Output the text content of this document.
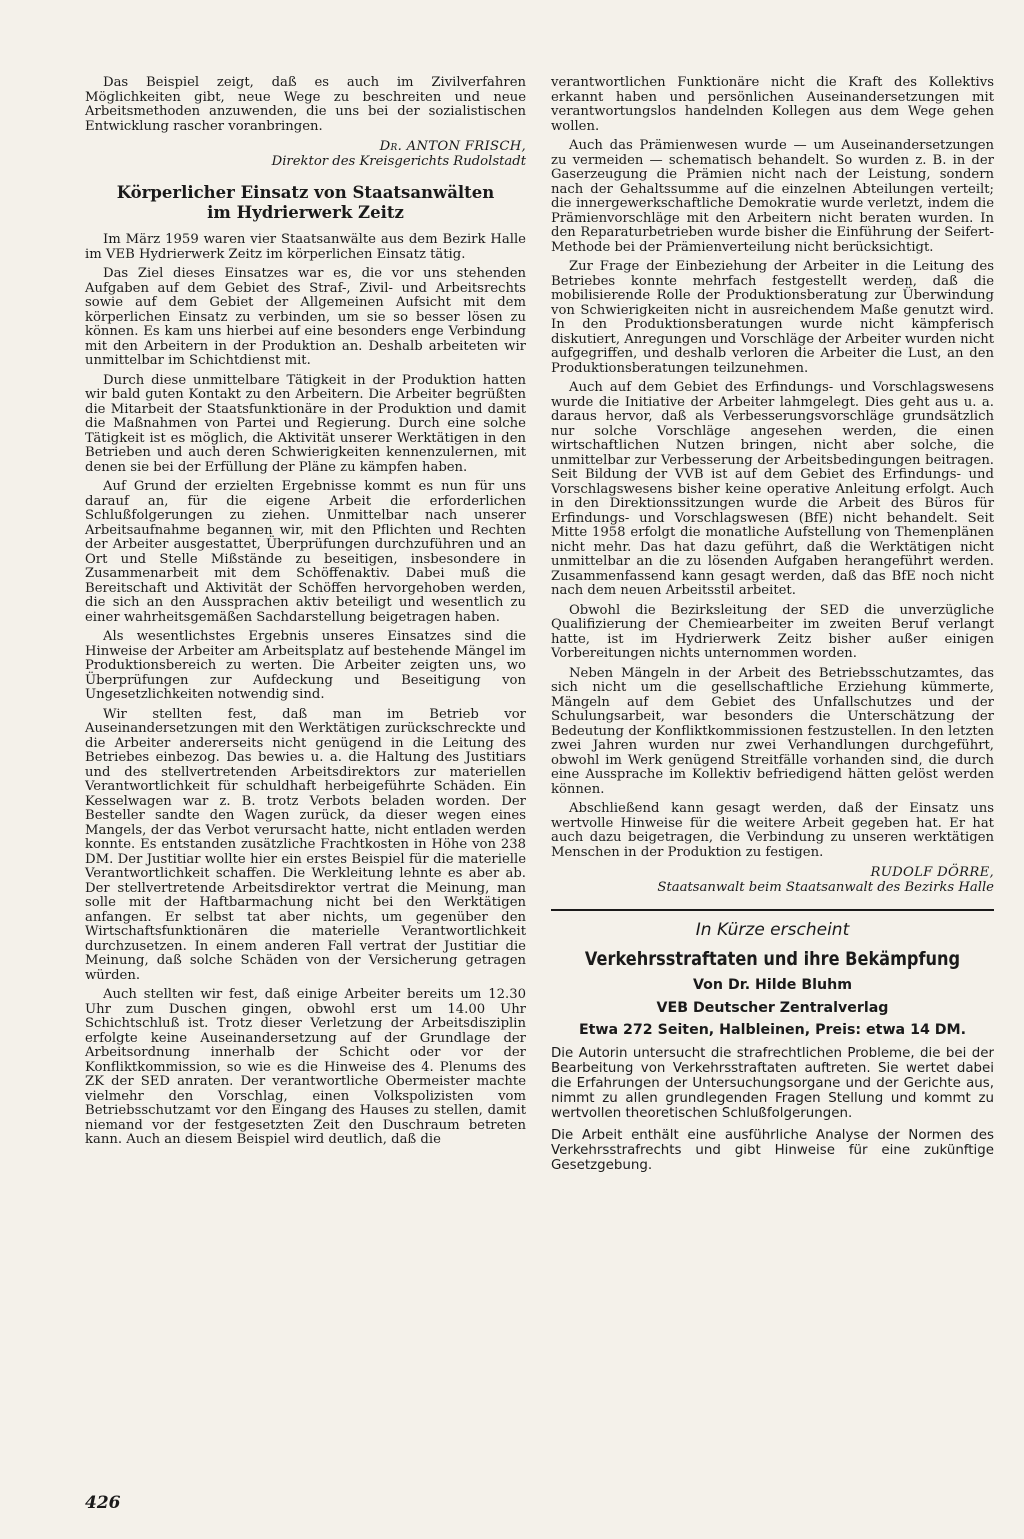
Das Beispiel zeigt, daß es auch im Zivilverfahren Möglichkeiten gibt, neue Wege zu beschreiten und neue Arbeitsmethoden anzuwenden, die uns bei der sozialistischen Entwicklung rascher voranbringen.

Dr. ANTON FRISCH,
Direktor des Kreisgerichts Rudolstadt
Körperlicher Einsatz von Staatsanwälten
im Hydrierwerk Zeitz

Im März 1959 waren vier Staatsanwälte aus dem Bezirk Halle im VEB Hydrierwerk Zeitz im körperlichen Einsatz tätig.

Das Ziel dieses Einsatzes war es, die vor uns stehenden Aufgaben auf dem Gebiet des Straf-, Zivil- und Arbeitsrechts sowie auf dem Gebiet der Allgemeinen Aufsicht mit dem körperlichen Einsatz zu verbinden, um sie so besser lösen zu können. Es kam uns hierbei auf eine besonders enge Verbindung mit den Arbeitern in der Produktion an. Deshalb arbeiteten wir unmittelbar im Schichtdienst mit.

Durch diese unmittelbare Tätigkeit in der Produktion hatten wir bald guten Kontakt zu den Arbeitern. Die Arbeiter begrüßten die Mitarbeit der Staatsfunktionäre in der Produktion und damit die Maßnahmen von Partei und Regierung. Durch eine solche Tätigkeit ist es möglich, die Aktivität unserer Werktätigen in den Betrieben und auch deren Schwierigkeiten kennenzulernen, mit denen sie bei der Erfüllung der Pläne zu kämpfen haben.

Auf Grund der erzielten Ergebnisse kommt es nun für uns darauf an, für die eigene Arbeit die erforderlichen Schlußfolgerungen zu ziehen. Unmittelbar nach unserer Arbeitsaufnahme begannen wir, mit den Pflichten und Rechten der Arbeiter ausgestattet, Überprüfungen durchzuführen und an Ort und Stelle Mißstände zu beseitigen, insbesondere in Zusammenarbeit mit dem Schöffenaktiv. Dabei muß die Bereitschaft und Aktivität der Schöffen hervorgehoben werden, die sich an den Aussprachen aktiv beteiligt und wesentlich zu einer wahrheitsgemäßen Sachdarstellung beigetragen haben.

Als wesentlichstes Ergebnis unseres Einsatzes sind die Hinweise der Arbeiter am Arbeitsplatz auf bestehende Mängel im Produktionsbereich zu werten. Die Arbeiter zeigten uns, wo Überprüfungen zur Aufdeckung und Beseitigung von Ungesetzlichkeiten notwendig sind.

Wir stellten fest, daß man im Betrieb vor Auseinandersetzungen mit den Werktätigen zurückschreckte und die Arbeiter andererseits nicht genügend in die Leitung des Betriebes einbezog. Das bewies u. a. die Haltung des Justitiars und des stellvertretenden Arbeitsdirektors zur materiellen Verantwortlichkeit für schuldhaft herbeigeführte Schäden. Ein Kesselwagen war z. B. trotz Verbots beladen worden. Der Besteller sandte den Wagen zurück, da dieser wegen eines Mangels, der das Verbot verursacht hatte, nicht entladen werden konnte. Es entstanden zusätzliche Frachtkosten in Höhe von 238 DM. Der Justitiar wollte hier ein erstes Beispiel für die materielle Verantwortlichkeit schaffen. Die Werkleitung lehnte es aber ab. Der stellvertretende Arbeitsdirektor vertrat die Meinung, man solle mit der Haftbarmachung nicht bei den Werktätigen anfangen. Er selbst tat aber nichts, um gegenüber den Wirtschaftsfunktionären die materielle Verantwortlichkeit durchzusetzen. In einem anderen Fall vertrat der Justitiar die Meinung, daß solche Schäden von der Versicherung getragen würden.

Auch stellten wir fest, daß einige Arbeiter bereits um 12.30 Uhr zum Duschen gingen, obwohl erst um 14.00 Uhr Schichtschluß ist. Trotz dieser Verletzung der Arbeitsdisziplin erfolgte keine Auseinandersetzung auf der Grundlage der Arbeitsordnung innerhalb der Schicht oder vor der Konfliktkommission, so wie es die Hinweise des 4. Plenums des ZK der SED anraten. Der verantwortliche Obermeister machte vielmehr den Vorschlag, einen Volkspolizisten vom Betriebsschutzamt vor den Eingang des Hauses zu stellen, damit niemand vor der festgesetzten Zeit den Duschraum betreten kann. Auch an diesem Beispiel wird deutlich, daß die

verantwortlichen Funktionäre nicht die Kraft des Kollektivs erkannt haben und persönlichen Auseinandersetzungen mit verantwortungslos handelnden Kollegen aus dem Wege gehen wollen.

Auch das Prämienwesen wurde — um Auseinandersetzungen zu vermeiden — schematisch behandelt. So wurden z. B. in der Gaserzeugung die Prämien nicht nach der Leistung, sondern nach der Gehaltssumme auf die einzelnen Abteilungen verteilt; die innergewerkschaftliche Demokratie wurde verletzt, indem die Prämienvorschläge mit den Arbeitern nicht beraten wurden. In den Reparaturbetrieben wurde bisher die Einführung der Seifert-Methode bei der Prämienverteilung nicht berücksichtigt.

Zur Frage der Einbeziehung der Arbeiter in die Leitung des Betriebes konnte mehrfach festgestellt werden, daß die mobilisierende Rolle der Produktionsberatung zur Überwindung von Schwierigkeiten nicht in ausreichendem Maße genutzt wird. In den Produktionsberatungen wurde nicht kämpferisch diskutiert, Anregungen und Vorschläge der Arbeiter wurden nicht aufgegriffen, und deshalb verloren die Arbeiter die Lust, an den Produktionsberatungen teilzunehmen.

Auch auf dem Gebiet des Erfindungs- und Vorschlagswesens wurde die Initiative der Arbeiter lahmgelegt. Dies geht aus u. a. daraus hervor, daß als Verbesserungsvorschläge grundsätzlich nur solche Vorschläge angesehen werden, die einen wirtschaftlichen Nutzen bringen, nicht aber solche, die unmittelbar zur Verbesserung der Arbeitsbedingungen beitragen. Seit Bildung der VVB ist auf dem Gebiet des Erfindungs- und Vorschlagswesens bisher keine operative Anleitung erfolgt. Auch in den Direktionssitzungen wurde die Arbeit des Büros für Erfindungs- und Vorschlagswesen (BfE) nicht behandelt. Seit Mitte 1958 erfolgt die monatliche Aufstellung von Themenplänen nicht mehr. Das hat dazu geführt, daß die Werktätigen nicht unmittelbar an die zu lösenden Aufgaben herangeführt werden. Zusammenfassend kann gesagt werden, daß das BfE noch nicht nach dem neuen Arbeitsstil arbeitet.

Obwohl die Bezirksleitung der SED die unverzügliche Qualifizierung der Chemiearbeiter im zweiten Beruf verlangt hatte, ist im Hydrierwerk Zeitz bisher außer einigen Vorbereitungen nichts unternommen worden.

Neben Mängeln in der Arbeit des Betriebsschutzamtes, das sich nicht um die gesellschaftliche Erziehung kümmerte, Mängeln auf dem Gebiet des Unfallschutzes und der Schulungsarbeit, war besonders die Unterschätzung der Bedeutung der Konfliktkommissionen festzustellen. In den letzten zwei Jahren wurden nur zwei Verhandlungen durchgeführt, obwohl im Werk genügend Streitfälle vorhanden sind, die durch eine Aussprache im Kollektiv befriedigend hätten gelöst werden können.

Abschließend kann gesagt werden, daß der Einsatz uns wertvolle Hinweise für die weitere Arbeit gegeben hat. Er hat auch dazu beigetragen, die Verbindung zu unseren werktätigen Menschen in der Produktion zu festigen.

RUDOLF DÖRRE,
Staatsanwalt beim Staatsanwalt des Bezirks Halle
In Kürze erscheint
Verkehrsstraftaten und ihre Bekämpfung
Von Dr. Hilde Bluhm
VEB Deutscher Zentralverlag
Etwa 272 Seiten, Halbleinen, Preis: etwa 14 DM.

Die Autorin untersucht die strafrechtlichen Probleme, die bei der Bearbeitung von Verkehrsstraftaten auftreten. Sie wertet dabei die Erfahrungen der Untersuchungsorgane und der Gerichte aus, nimmt zu allen grundlegenden Fragen Stellung und kommt zu wertvollen theoretischen Schlußfolgerungen.

Die Arbeit enthält eine ausführliche Analyse der Normen des Verkehrsstrafrechts und gibt Hinweise für eine zukünftige Gesetzgebung.

426
